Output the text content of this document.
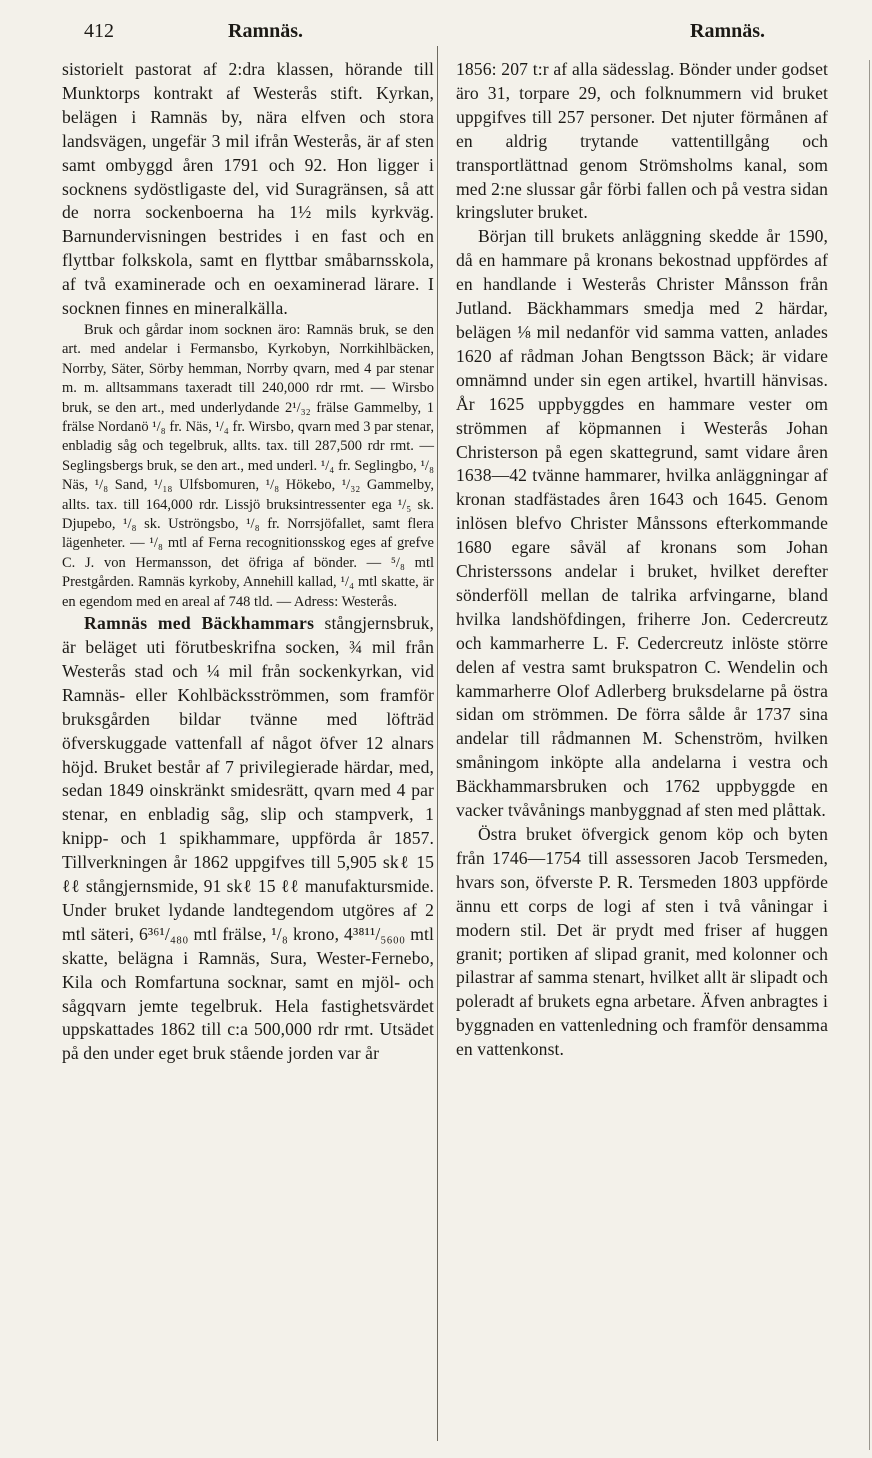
412	Ramnäs.	Ramnäs.

sistorielt pastorat af 2:dra klassen, hörande till Munktorps kontrakt af Westerås stift. Kyrkan, belägen i Ramnäs by, nära elfven och stora landsvägen, ungefär 3 mil ifrån Westerås, är af sten samt ombyggd åren 1791 och 92. Hon ligger i socknens sydöstligaste del, vid Suragränsen, så att de norra sockenboerna ha 1½ mils kyrkväg. Barnundervisningen bestrides i en fast och en flyttbar folkskola, samt en flyttbar småbarnsskola, af två examinerade och en oexaminerad lärare. I socknen finnes en mineralkälla.

Bruk och gårdar inom socknen äro: Ramnäs bruk, se den art. med andelar i Fermansbo, Kyrkobyn, Norrkihlbäcken, Norrby, Säter, Sörby hemman, Norrby qvarn, med 4 par stenar m. m. alltsammans taxeradt till 240,000 rdr rmt. — Wirsbo bruk, se den art., med underlydande 2¹/₃₂ frälse Gammelby, 1 frälse Nordanö ¹/₈ fr. Näs, ¹/₄ fr. Wirsbo, qvarn med 3 par stenar, enbladig såg och tegelbruk, allts. tax. till 287,500 rdr rmt. — Seglingsbergs bruk, se den art., med underl. ¹/₄ fr. Seglingbo, ¹/₈ Näs, ¹/₈ Sand, ¹/₁₈ Ulfsbomuren, ¹/₈ Hökebo, ¹/₃₂ Gammelby, allts. tax. till 164,000 rdr. Lissjö bruksintressenter ega ¹/₅ sk. Djupebo, ¹/₈ sk. Uströngsbo, ¹/₈ fr. Norrsjöfallet, samt flera lägenheter. — ¹/₈ mtl af Ferna recognitionsskog eges af grefve C. J. von Hermansson, det öfriga af bönder. — ⁵/₈ mtl Prestgården. Ramnäs kyrkoby, Annehill kallad, ¹/₄ mtl skatte, är en egendom med en areal af 748 tld. — Adress: Westerås.

Ramnäs med Bäckhammars stångjernsbruk, är beläget uti förutbeskrifna socken, ¾ mil från Westerås stad och ¼ mil från sockenkyrkan, vid Ramnäs- eller Kohlbäcksströmmen, som framför bruksgården bildar tvänne med löfträd öfverskuggade vattenfall af något öfver 12 alnars höjd. Bruket består af 7 privilegierade härdar, med, sedan 1849 oinskränkt smidesrätt, qvarn med 4 par stenar, en enbladig såg, slip och stampverk, 1 knipp- och 1 spikhammare, uppförda år 1857. Tillverkningen år 1862 uppgifves till 5,905 skℓ 15 ℓℓ stångjernsmide, 91 skℓ 15 ℓℓ manufaktursmide. Under bruket lydande landtegendom utgöres af 2 mtl säteri, 6³⁶¹/₄₈₀ mtl frälse, ¹/₈ krono, 4³⁸¹¹/₅₆₀₀ mtl skatte, belägna i Ramnäs, Sura, Wester-Fernebo, Kila och Romfartuna socknar, samt en mjöl- och sågqvarn jemte tegelbruk. Hela fastighetsvärdet uppskattades 1862 till c:a 500,000 rdr rmt. Utsädet på den under eget bruk stående jorden var år

1856: 207 t:r af alla sädesslag. Bönder under godset äro 31, torpare 29, och folknummern vid bruket uppgifves till 257 personer. Det njuter förmånen af en aldrig trytande vattentillgång och transportlättnad genom Strömsholms kanal, som med 2:ne slussar går förbi fallen och på vestra sidan kringsluter bruket.

Början till brukets anläggning skedde år 1590, då en hammare på kronans bekostnad uppfördes af en handlande i Westerås Christer Månsson från Jutland. Bäckhammars smedja med 2 härdar, belägen ⅛ mil nedanför vid samma vatten, anlades 1620 af rådman Johan Bengtsson Bäck; är vidare omnämnd under sin egen artikel, hvartill hänvisas. År 1625 uppbyggdes en hammare vester om strömmen af köpmannen i Westerås Johan Christerson på egen skattegrund, samt vidare åren 1638—42 tvänne hammarer, hvilka anläggningar af kronan stadfästades åren 1643 och 1645. Genom inlösen blefvo Christer Månssons efterkommande 1680 egare såväl af kronans som Johan Christerssons andelar i bruket, hvilket derefter sönderföll mellan de talrika arfvingarne, bland hvilka landshöfdingen, friherre Jon. Cedercreutz och kammarherre L. F. Cedercreutz inlöste större delen af vestra samt brukspatron C. Wendelin och kammarherre Olof Adlerberg bruksdelarne på östra sidan om strömmen. De förra sålde år 1737 sina andelar till rådmannen M. Schenström, hvilken småningom inköpte alla andelarna i vestra och Bäckhammarsbruken och 1762 uppbyggde en vacker tvåvånings manbyggnad af sten med plåttak.

Östra bruket öfvergick genom köp och byten från 1746—1754 till assessoren Jacob Tersmeden, hvars son, öfverste P. R. Tersmeden 1803 uppförde ännu ett corps de logi af sten i två våningar i modern stil. Det är prydt med friser af huggen granit; portiken af slipad granit, med kolonner och pilastrar af samma stenart, hvilket allt är slipadt och poleradt af brukets egna arbetare. Äfven anbragtes i byggnaden en vattenledning och framför densamma en vattenkonst.
